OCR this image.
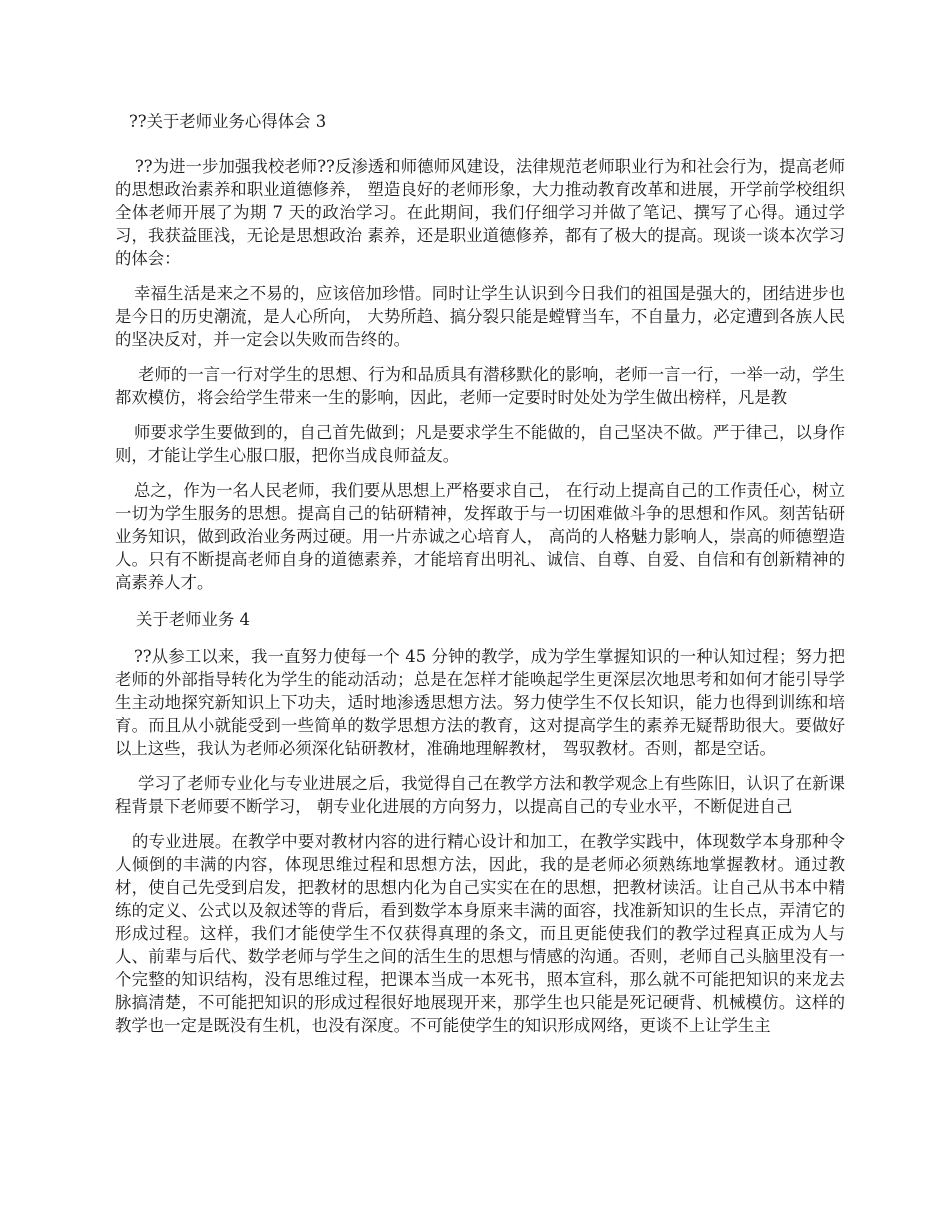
??关于老师业务心得体会 3

??为进一步加强我校老师??反渗透和师德师风建设，法律规范老师职业行为和社会行为，提高老师的思想政治素养和职业道德修养， 塑造良好的老师形象，大力推动教育改革和进展，开学前学校组织 全体老师开展了为期 7 天的政治学习。在此期间，我们仔细学习并做了笔记、撰写了心得。通过学习，我获益匪浅，无论是思想政治 素养，还是职业道德修养，都有了极大的提高。现谈一谈本次学习 的体会：

幸福生活是来之不易的，应该倍加珍惜。同时让学生认识到今日我们的祖国是强大的，团结进步也是今日的历史潮流，是人心所向， 大势所趋、搞分裂只能是螳臂当车，不自量力，必定遭到各族人民的坚决反对，并一定会以失败而告终的。

老师的一言一行对学生的思想、行为和品质具有潜移默化的影响，老师一言一行，一举一动，学生都欢模仿，将会给学生带来一生的影响，因此，老师一定要时时处处为学生做出榜样，凡是教

师要求学生要做到的，自己首先做到；凡是要求学生不能做的，自己坚决不做。严于律己，以身作则，才能让学生心服口服，把你当成良师益友。

总之，作为一名人民老师，我们要从思想上严格要求自己， 在行动上提高自己的工作责任心，树立一切为学生服务的思想。提高自己的钻研精神，发挥敢于与一切困难做斗争的思想和作风。刻苦钻研业务知识，做到政治业务两过硬。用一片赤诚之心培育人， 高尚的人格魅力影响人，崇高的师德塑造人。只有不断提高老师自身的道德素养，才能培育出明礼、诚信、自尊、自爱、自信和有创新精神的高素养人才。

关于老师业务 4

??从参工以来，我一直努力使每一个 45 分钟的教学，成为学生掌握知识的一种认知过程；努力把老师的外部指导转化为学生的能动活动；总是在怎样才能唤起学生更深层次地思考和如何才能引导学生主动地探究新知识上下功夫，适时地渗透思想方法。努力使学生不仅长知识，能力也得到训练和培育。而且从小就能受到一些简单的数学思想方法的教育，这对提高学生的素养无疑帮助很大。要做好以上这些，我认为老师必须深化钻研教材，准确地理解教材， 驾驭教材。否则，都是空话。

学习了老师专业化与专业进展之后，我觉得自己在教学方法和教学观念上有些陈旧，认识了在新课程背景下老师要不断学习， 朝专业化进展的方向努力，以提高自己的专业水平，不断促进自己

的专业进展。在教学中要对教材内容的进行精心设计和加工，在教学实践中，体现数学本身那种令人倾倒的丰满的内容，体现思维过程和思想方法，因此，我的是老师必须熟练地掌握教材。通过教材，使自己先受到启发，把教材的思想内化为自己实实在在的思想，把教材读活。让自己从书本中精练的定义、公式以及叙述等的背后，看到数学本身原来丰满的面容，找准新知识的生长点，弄清它的形成过程。这样，我们才能使学生不仅获得真理的条文，而且更能使我们的教学过程真正成为人与人、前辈与后代、数学老师与学生之间的活生生的思想与情感的沟通。否则，老师自己头脑里没有一个完整的知识结构，没有思维过程，把课本当成一本死书，照本宣科，那么就不可能把知识的来龙去脉搞清楚，不可能把知识的形成过程很好地展现开来，那学生也只能是死记硬背、机械模仿。这样的教学也一定是既没有生机，也没有深度。不可能使学生的知识形成网络，更谈不上让学生主
